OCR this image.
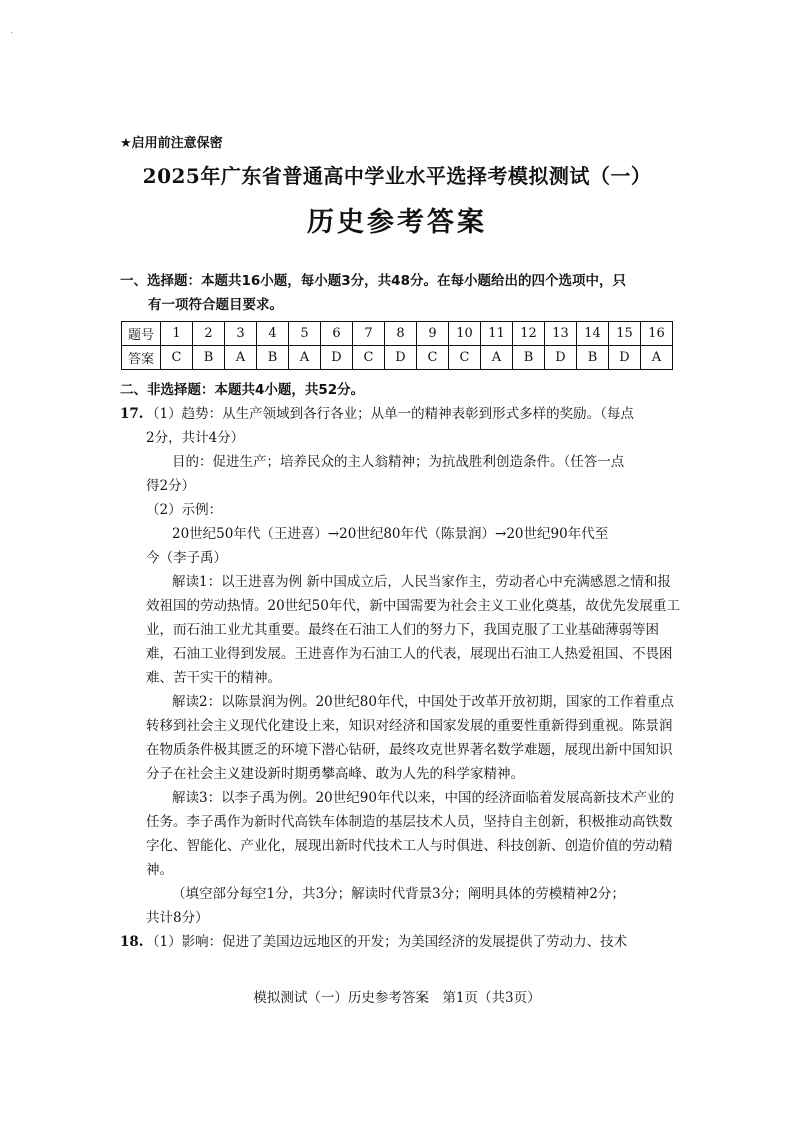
·
★启用前注意保密
2025年广东省普通高中学业水平选择考模拟测试（一）
历史参考答案
一、选择题：本题共16小题，每小题3分，共48分。在每小题给出的四个选项中，只
有一项符合题目要求。
题号	1	2	3	4	5	6	7	8	9	10	11	12	13	14	15	16
答案	C	B	A	B	A	D	C	D	C	C	A	B	D	B	D	A
二、非选择题：本题共4小题，共52分。

17. （1）趋势：从生产领域到各行各业；从单一的精神表彰到形式多样的奖励。（每点

2分，共计4分）

目的：促进生产；培养民众的主人翁精神；为抗战胜利创造条件。（任答一点

得2分）

（2）示例：

20世纪50年代（王进喜）→20世纪80年代（陈景润）→20世纪90年代至

今（李子禹）

解读1：以王进喜为例 新中国成立后，人民当家作主，劳动者心中充满感恩之情和报效祖国的劳动热情。20世纪50年代，新中国需要为社会主义工业化奠基，故优先发展重工业，而石油工业尤其重要。最终在石油工人们的努力下，我国克服了工业基础薄弱等困难，石油工业得到发展。王进喜作为石油工人的代表，展现出石油工人热爱祖国、不畏困难、苦干实干的精神。

解读2：以陈景润为例。20世纪80年代，中国处于改革开放初期，国家的工作着重点转移到社会主义现代化建设上来，知识对经济和国家发展的重要性重新得到重视。陈景润在物质条件极其匮乏的环境下潜心钻研，最终攻克世界著名数学难题，展现出新中国知识分子在社会主义建设新时期勇攀高峰、敢为人先的科学家精神。

解读3：以李子禹为例。20世纪90年代以来，中国的经济面临着发展高新技术产业的任务。李子禹作为新时代高铁车体制造的基层技术人员，坚持自主创新，积极推动高铁数字化、智能化、产业化，展现出新时代技术工人与时俱进、科技创新、创造价值的劳动精神。

（填空部分每空1分，共3分；解读时代背景3分；阐明具体的劳模精神2分；

共计8分）

18. （1）影响：促进了美国边远地区的开发；为美国经济的发展提供了劳动力、技术

模拟测试（一）历史参考答案　第1页（共3页）
